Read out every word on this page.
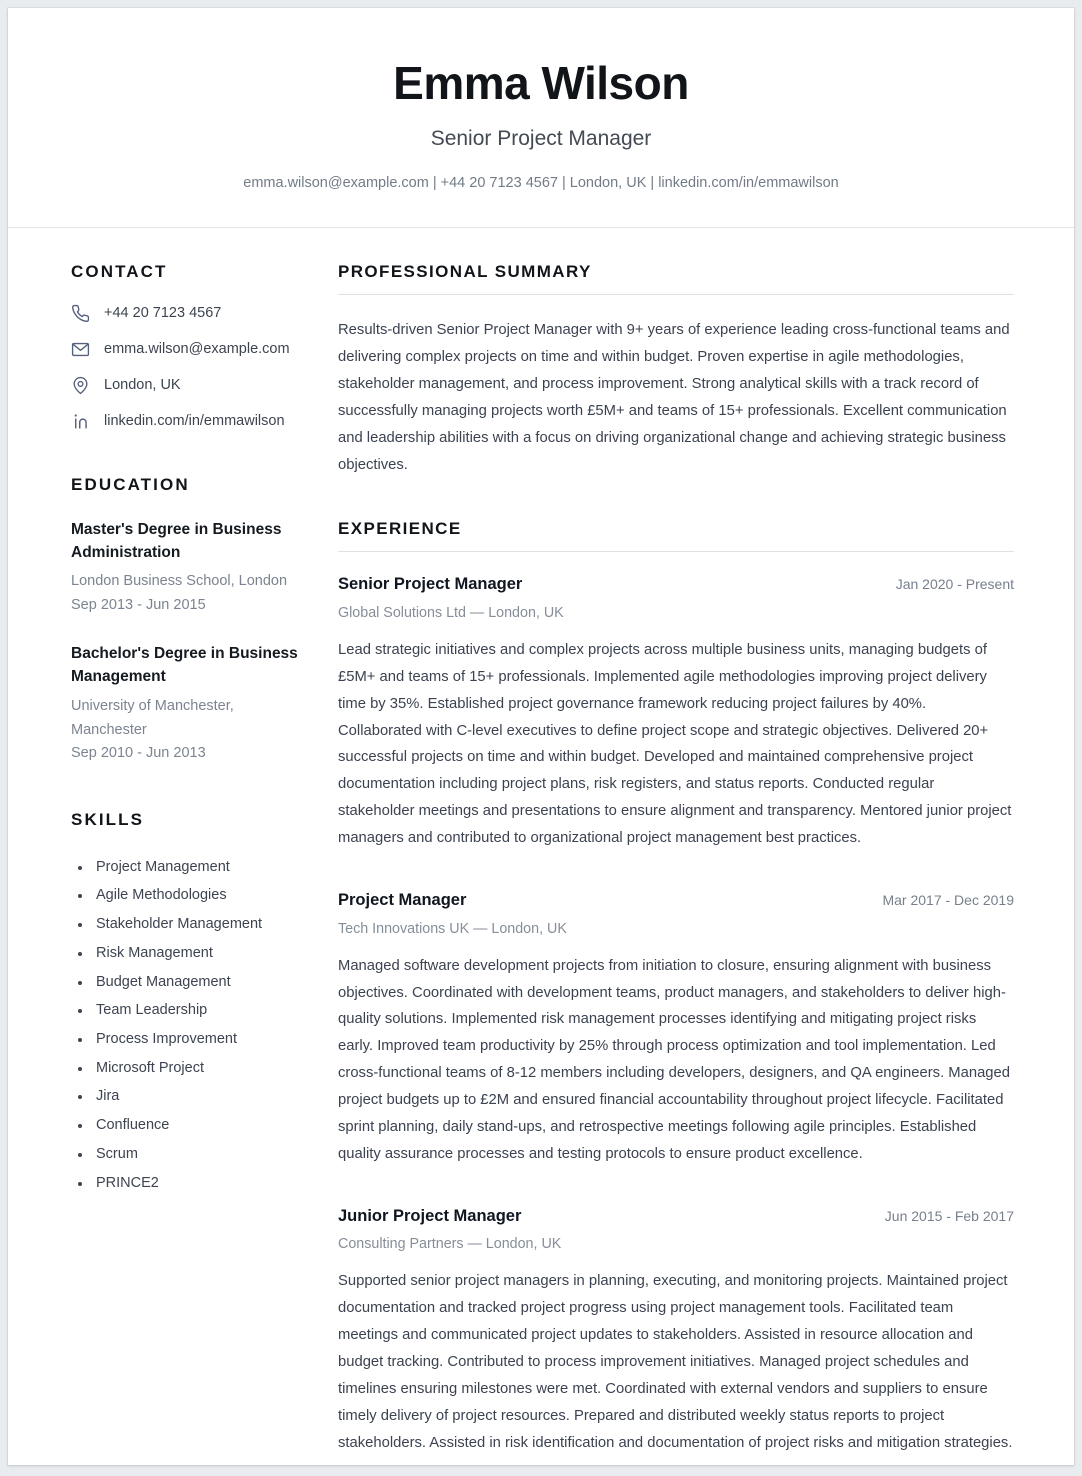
Emma Wilson
Senior Project Manager
emma.wilson@example.com | +44 20 7123 4567 | London, UK | linkedin.com/in/emmawilson
CONTACT
+44 20 7123 4567
emma.wilson@example.com
London, UK
linkedin.com/in/emmawilson
EDUCATION
Master's Degree in Business Administration
London Business School, London
Sep 2013 - Jun 2015
Bachelor's Degree in Business Management
University of Manchester, Manchester
Sep 2010 - Jun 2013
SKILLS
• Project Management
• Agile Methodologies
• Stakeholder Management
• Risk Management
• Budget Management
• Team Leadership
• Process Improvement
• Microsoft Project
• Jira
• Confluence
• Scrum
• PRINCE2
PROFESSIONAL SUMMARY

Results-driven Senior Project Manager with 9+ years of experience leading cross-functional teams and delivering complex projects on time and within budget. Proven expertise in agile methodologies, stakeholder management, and process improvement. Strong analytical skills with a track record of successfully managing projects worth £5M+ and teams of 15+ professionals. Excellent communication and leadership abilities with a focus on driving organizational change and achieving strategic business objectives.

EXPERIENCE
Senior Project Manager	Jan 2020 - Present
Global Solutions Ltd — London, UK

Lead strategic initiatives and complex projects across multiple business units, managing budgets of £5M+ and teams of 15+ professionals. Implemented agile methodologies improving project delivery time by 35%. Established project governance framework reducing project failures by 40%. Collaborated with C-level executives to define project scope and strategic objectives. Delivered 20+ successful projects on time and within budget. Developed and maintained comprehensive project documentation including project plans, risk registers, and status reports. Conducted regular stakeholder meetings and presentations to ensure alignment and transparency. Mentored junior project managers and contributed to organizational project management best practices.

Project Manager	Mar 2017 - Dec 2019
Tech Innovations UK — London, UK

Managed software development projects from initiation to closure, ensuring alignment with business objectives. Coordinated with development teams, product managers, and stakeholders to deliver high-quality solutions. Implemented risk management processes identifying and mitigating project risks early. Improved team productivity by 25% through process optimization and tool implementation. Led cross-functional teams of 8-12 members including developers, designers, and QA engineers. Managed project budgets up to £2M and ensured financial accountability throughout project lifecycle. Facilitated sprint planning, daily stand-ups, and retrospective meetings following agile principles. Established quality assurance processes and testing protocols to ensure product excellence.

Junior Project Manager	Jun 2015 - Feb 2017
Consulting Partners — London, UK

Supported senior project managers in planning, executing, and monitoring projects. Maintained project documentation and tracked project progress using project management tools. Facilitated team meetings and communicated project updates to stakeholders. Assisted in resource allocation and budget tracking. Contributed to process improvement initiatives. Managed project schedules and timelines ensuring milestones were met. Coordinated with external vendors and suppliers to ensure timely delivery of project resources. Prepared and distributed weekly status reports to project stakeholders. Assisted in risk identification and documentation of project risks and mitigation strategies.
